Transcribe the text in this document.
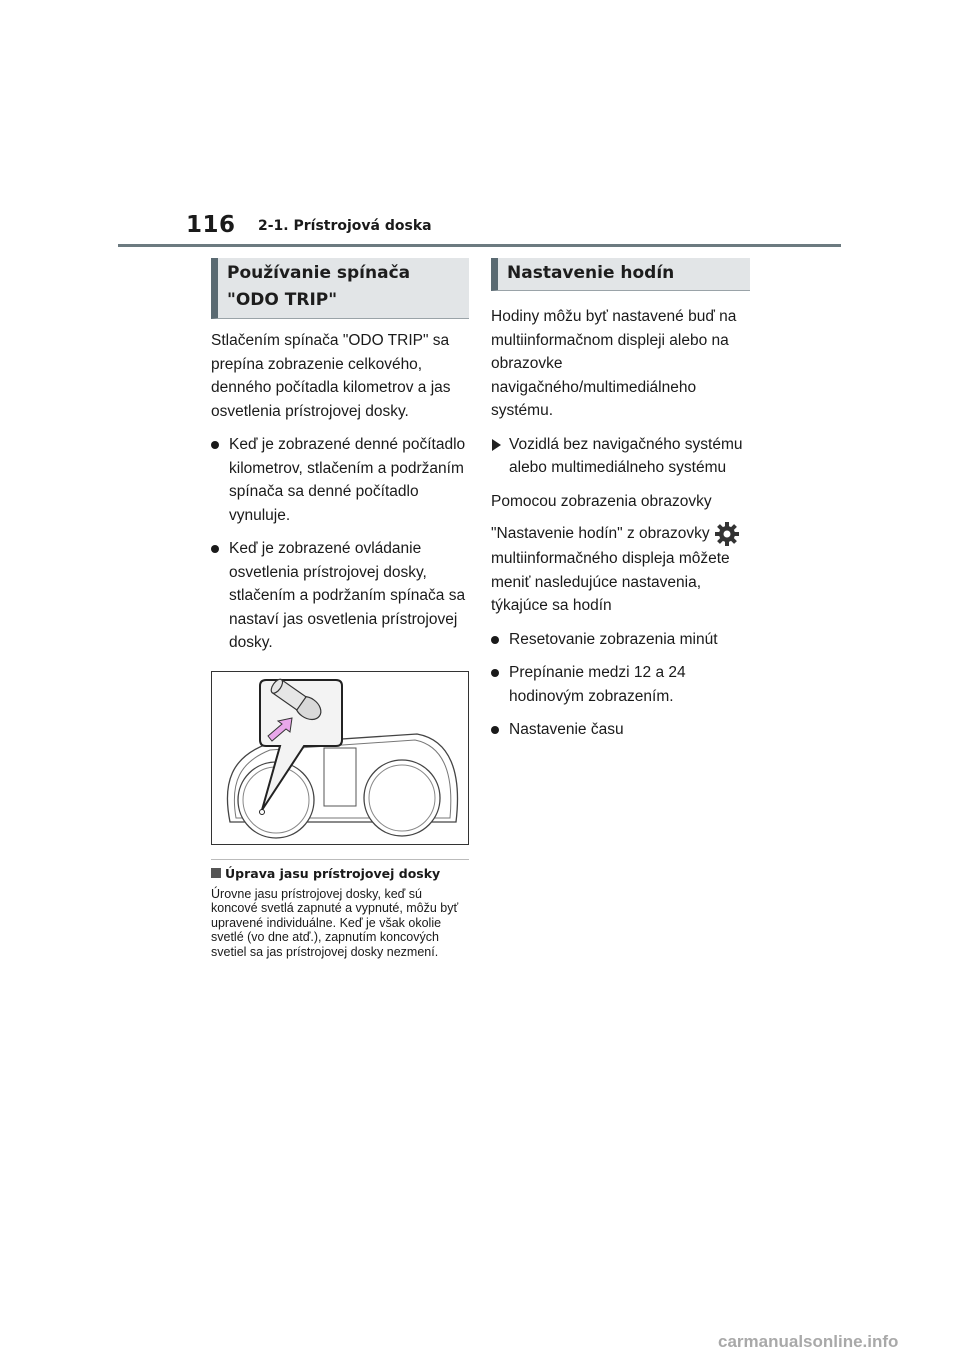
116 2-1. Prístrojová doska
Používanie spínača "ODO TRIP"

Stlačením spínača "ODO TRIP" sa prepína zobrazenie celkového, denného počítadla kilometrov a jas osvetlenia prístrojovej dosky.

Keď je zobrazené denné počítadlo kilometrov, stlačením a podržaním spínača sa denné počítadlo vynuluje.
Keď je zobrazené ovládanie osvetlenia prístrojovej dosky, stlačením a podržaním spínača sa nastaví jas osvetlenia prístrojovej dosky.
Úprava jasu prístrojovej dosky

Úrovne jasu prístrojovej dosky, keď sú koncové svetlá zapnuté a vypnuté, môžu byť upravené individuálne. Keď je však okolie svetlé (vo dne atď.), zapnutím koncových svetiel sa jas prístrojovej dosky nezmení.

Nastavenie hodín

Hodiny môžu byť nastavené buď na multiinformačnom displeji alebo na obrazovke navigačného/multimediálneho systému.

Vozidlá bez navigačného systému alebo multimediálneho systému

Pomocou zobrazenia obrazovky

"Nastavenie hodín" z obrazovky multiinformačného displeja môžete meniť nasledujúce nastavenia, týkajúce sa hodín

Resetovanie zobrazenia minút
Prepínanie medzi 12 a 24 hodinovým zobrazením.
Nastavenie času
carmanualsonline.info
